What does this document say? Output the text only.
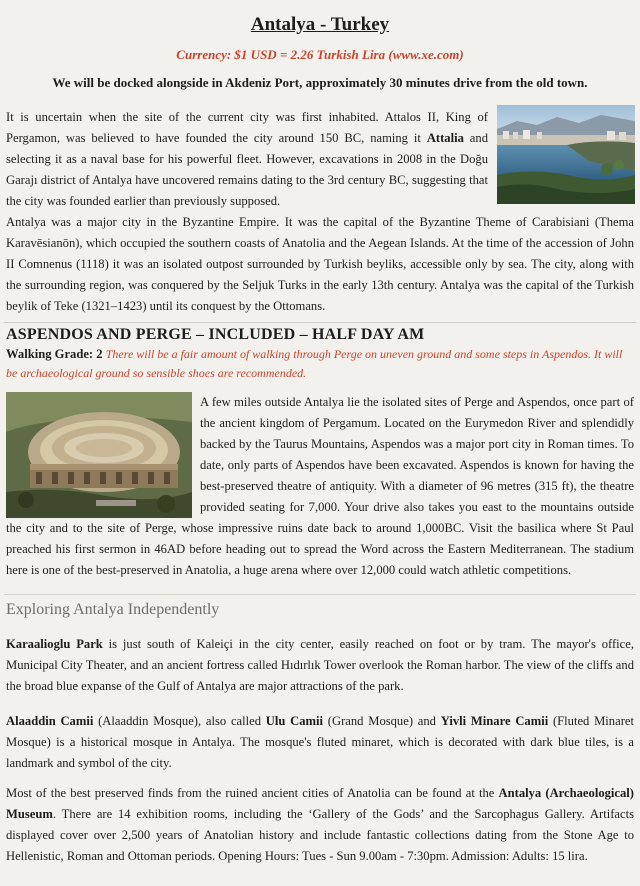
Antalya - Turkey
Currency: $1 USD = 2.26 Turkish Lira (www.xe.com)
We will be docked alongside in Akdeniz Port, approximately 30 minutes drive from the old town.

It is uncertain when the site of the current city was first inhabited. Attalos II, King of Pergamon, was believed to have founded the city around 150 BC, naming it Attalia and selecting it as a naval base for his powerful fleet. However, excavations in 2008 in the Doğu Garajı district of Antalya have uncovered remains dating to the 3rd century BC, suggesting that the city was founded earlier than previously supposed.

Antalya was a major city in the Byzantine Empire. It was the capital of the Byzantine Theme of Carabisiani (Thema Karavēsianōn), which occupied the southern coasts of Anatolia and the Aegean Islands. At the time of the accession of John II Comnenus (1118) it was an isolated outpost surrounded by Turkish beyliks, accessible only by sea. The city, along with the surrounding region, was conquered by the Seljuk Turks in the early 13th century. Antalya was the capital of the Turkish beylik of Teke (1321–1423) until its conquest by the Ottomans.

ASPENDOS AND PERGE – INCLUDED – HALF DAY AM
Walking Grade: 2 There will be a fair amount of walking through Perge on uneven ground and some steps in Aspendos. It will be archaeological ground so sensible shoes are recommended.

A few miles outside Antalya lie the isolated sites of Perge and Aspendos, once part of the ancient kingdom of Pergamum. Located on the Eurymedon River and splendidly backed by the Taurus Mountains, Aspendos was a major port city in Roman times. To date, only parts of Aspendos have been excavated. Aspendos is known for having the best-preserved theatre of antiquity. With a diameter of 96 metres (315 ft), the theatre provided seating for 7,000. Your drive also takes you east to the mountains outside the city and to the site of Perge, whose impressive ruins date back to around 1,000BC. Visit the basilica where St Paul preached his first sermon in 46AD before heading out to spread the Word across the Eastern Mediterranean. The stadium here is one of the best-preserved in Anatolia, a huge arena where over 12,000 could watch athletic competitions.

Exploring Antalya Independently

Karaalioglu Park is just south of Kaleiçi in the city center, easily reached on foot or by tram. The mayor's office, Municipal City Theater, and an ancient fortress called Hıdırlık Tower overlook the Roman harbor. The view of the cliffs and the broad blue expanse of the Gulf of Antalya are major attractions of the park.

Alaaddin Camii (Alaaddin Mosque), also called Ulu Camii (Grand Mosque) and Yivli Minare Camii (Fluted Minaret Mosque) is a historical mosque in Antalya. The mosque's fluted minaret, which is decorated with dark blue tiles, is a landmark and symbol of the city.

Most of the best preserved finds from the ruined ancient cities of Anatolia can be found at the Antalya (Archaeological) Museum. There are 14 exhibition rooms, including the ‘Gallery of the Gods’ and the Sarcophagus Gallery. Artifacts displayed cover over 2,500 years of Anatolian history and include fantastic collections dating from the Stone Age to Hellenistic, Roman and Ottoman periods. Opening Hours: Tues - Sun 9.00am - 7:30pm. Admission: Adults: 15 lira.
